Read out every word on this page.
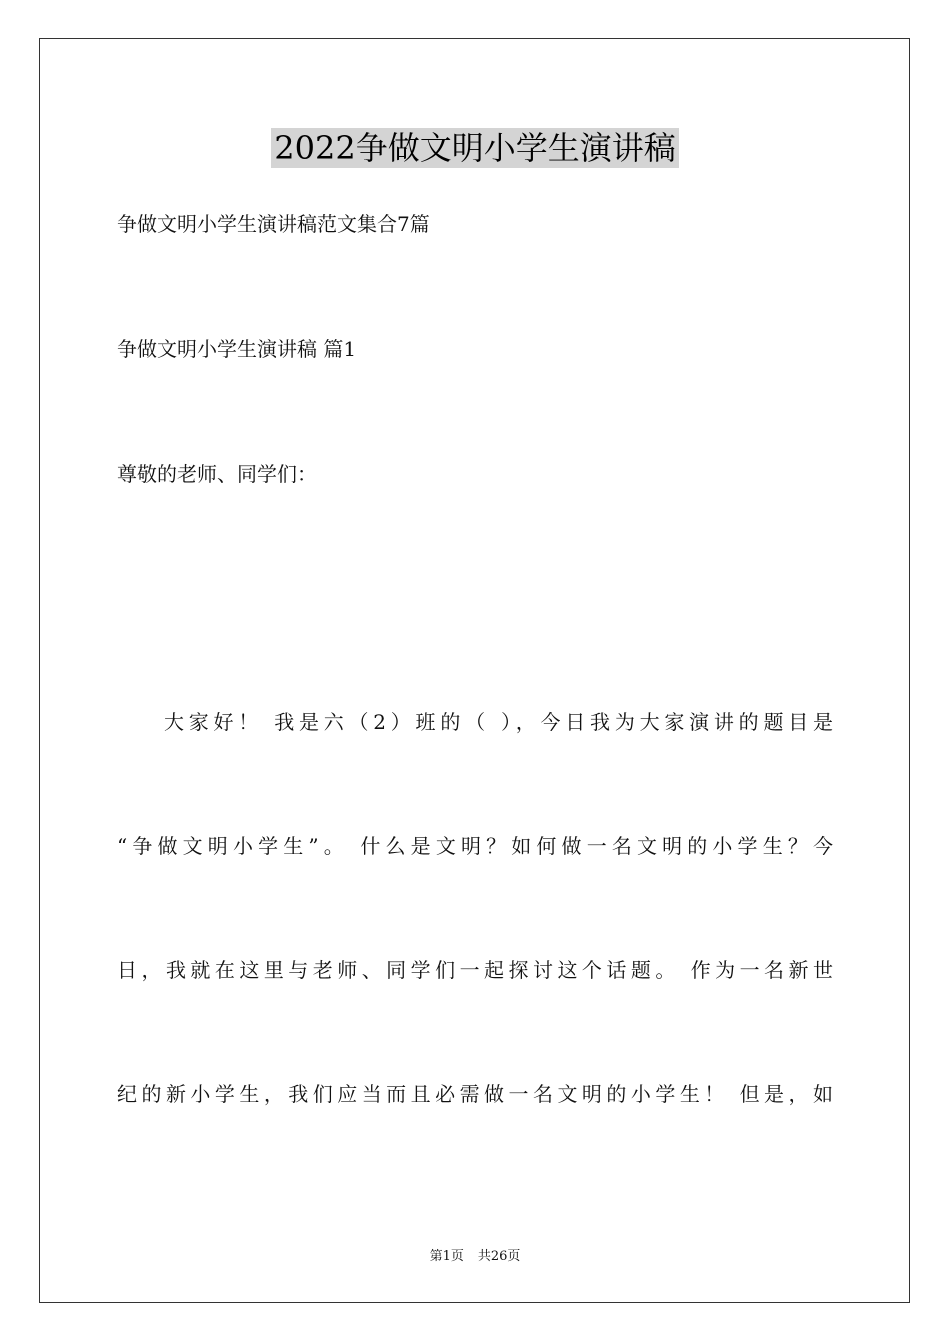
2022争做文明小学生演讲稿
争做文明小学生演讲稿范文集合7篇
争做文明小学生演讲稿 篇1
尊敬的老师、同学们：
大家好！ 我是六（2）班的（ ），今日我为大家演讲的题目是
“争做文明小学生”。 什么是文明？如何做一名文明的小学生？今
日，我就在这里与老师、同学们一起探讨这个话题。 作为一名新世
纪的新小学生，我们应当而且必需做一名文明的小学生！ 但是，如
第1页 共26页
